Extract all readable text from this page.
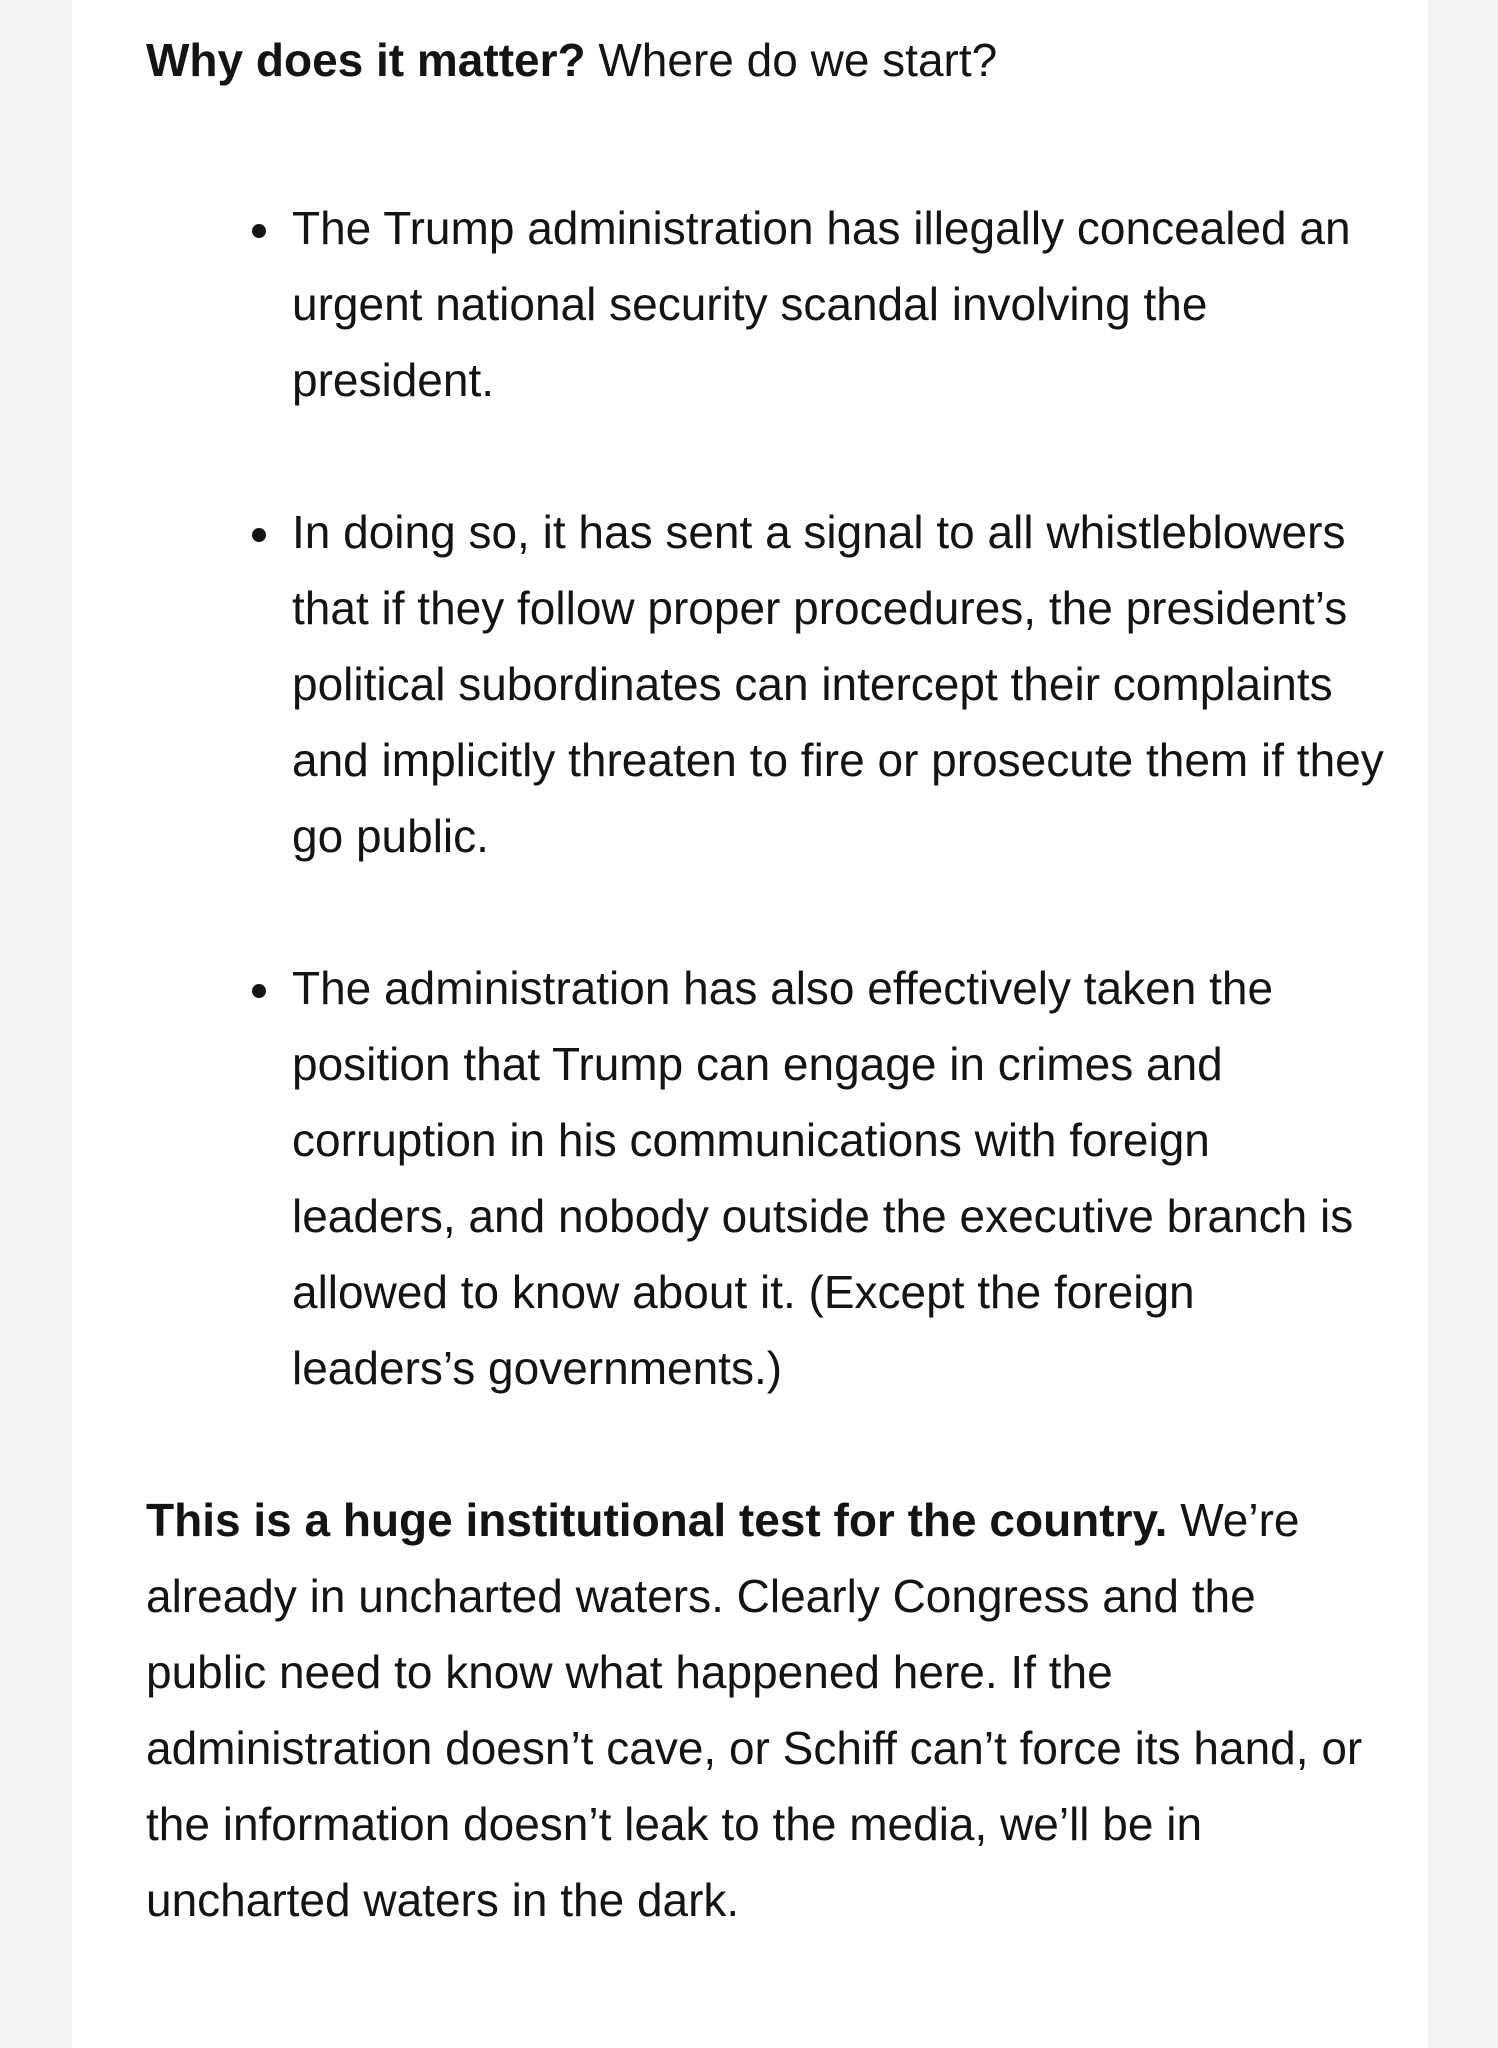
Why does it matter? Where do we start?

The Trump administration has illegally concealed an urgent national security scandal involving the president.
In doing so, it has sent a signal to all whistleblowers that if they follow proper procedures, the president’s political subordinates can intercept their complaints and implicitly threaten to fire or prosecute them if they go public.
The administration has also effectively taken the position that Trump can engage in crimes and corruption in his communications with foreign leaders, and nobody outside the executive branch is allowed to know about it. (Except the foreign leaders’s governments.)

This is a huge institutional test for the country. We’re already in uncharted waters. Clearly Congress and the public need to know what happened here. If the administration doesn’t cave, or Schiff can’t force its hand, or the information doesn’t leak to the media, we’ll be in uncharted waters in the dark.
